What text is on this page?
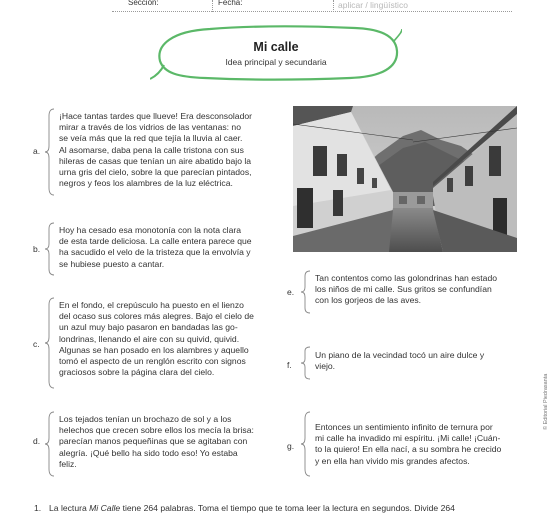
Sección:	Fecha:	aplicar / lingüístico
Mi calle
Idea principal y secundaria
a.
¡Hace tantas tardes que llueve! Era desconsolador
mirar a través de los vidrios de las ventanas: no
se veía más que la red que tejía la lluvia al caer.
Al asomarse, daba pena la calle tristona con sus
hileras de casas que tenían un aire abatido bajo la
urna gris del cielo, sobre la que parecían pintados,
negros y feos los alambres de la luz eléctrica.
b.
Hoy ha cesado esa monotonía con la nota clara
de esta tarde deliciosa. La calle entera parece que
ha sacudido el velo de la tristeza que la envolvía y
se hubiese puesto a cantar.
c.
En el fondo, el crepúsculo ha puesto en el lienzo
del ocaso sus colores más alegres. Bajo el cielo de
un azul muy bajo pasaron en bandadas las go-
londrinas, llenando el aire con su quivid, quivid.
Algunas se han posado en los alambres y aquello
tomó el aspecto de un renglón escrito con signos
graciosos sobre la página clara del cielo.
d.
Los tejados tenían un brochazo de sol y a los
helechos que crecen sobre ellos los mecía la brisa:
parecían manos pequeñinas que se agitaban con
alegría. ¡Qué bello ha sido todo eso! Yo estaba
feliz.
e.
Tan contentos como las golondrinas han estado
los niños de mi calle. Sus gritos se confundían
con los gorjeos de las aves.
f.
Un piano de la vecindad tocó un aire dulce y
viejo.
g.
Entonces un sentimiento infinito de ternura por
mi calle ha invadido mi espíritu. ¡Mi calle! ¡Cuán-
to la quiero! En ella nací, a su sombra he crecido
y en ella han vivido mis grandes afectos.
1. La lectura Mi Calle tiene 264 palabras. Toma el tiempo que te toma leer la lectura en segundos. Divide 264
© Editorial Piedrasanta
